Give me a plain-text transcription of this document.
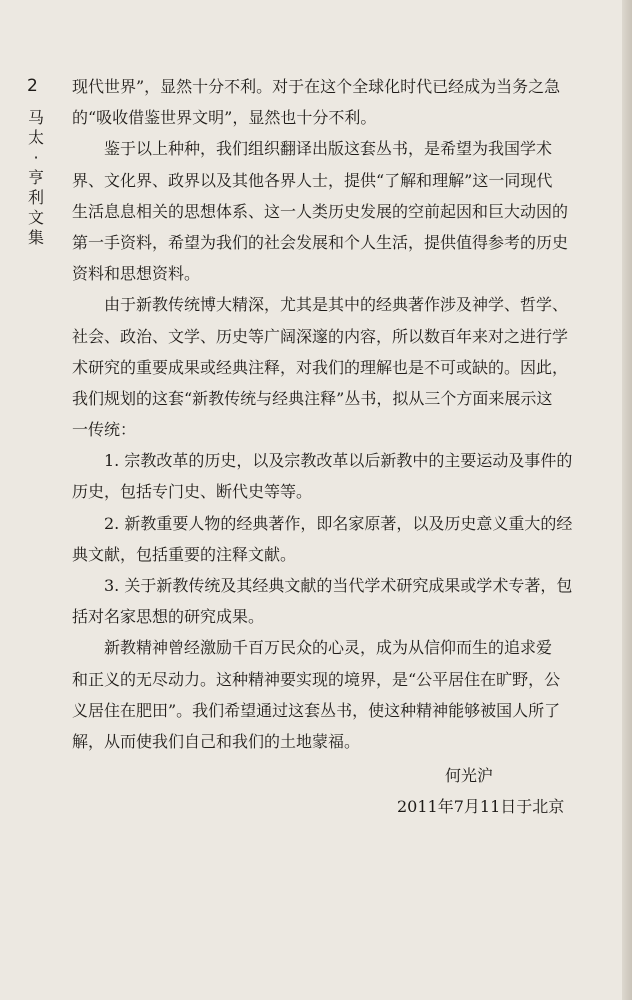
2
马
太
·
亨
利
文
集
现代世界”，显然十分不利。对于在这个全球化时代已经成为当务之急
的“吸收借鉴世界文明”，显然也十分不利。
鉴于以上种种，我们组织翻译出版这套丛书，是希望为我国学术
界、文化界、政界以及其他各界人士，提供“了解和理解”这一同现代
生活息息相关的思想体系、这一人类历史发展的空前起因和巨大动因的
第一手资料，希望为我们的社会发展和个人生活，提供值得参考的历史
资料和思想资料。
由于新教传统博大精深，尤其是其中的经典著作涉及神学、哲学、
社会、政治、文学、历史等广阔深邃的内容，所以数百年来对之进行学
术研究的重要成果或经典注释，对我们的理解也是不可或缺的。因此，
我们规划的这套“新教传统与经典注释”丛书，拟从三个方面来展示这
一传统：
1. 宗教改革的历史，以及宗教改革以后新教中的主要运动及事件的
历史，包括专门史、断代史等等。
2. 新教重要人物的经典著作，即名家原著，以及历史意义重大的经
典文献，包括重要的注释文献。
3. 关于新教传统及其经典文献的当代学术研究成果或学术专著，包
括对名家思想的研究成果。
新教精神曾经激励千百万民众的心灵，成为从信仰而生的追求爱
和正义的无尽动力。这种精神要实现的境界，是“公平居住在旷野，公
义居住在肥田”。我们希望通过这套丛书，使这种精神能够被国人所了
解，从而使我们自己和我们的土地蒙福。
何光沪
2011年7月11日于北京
